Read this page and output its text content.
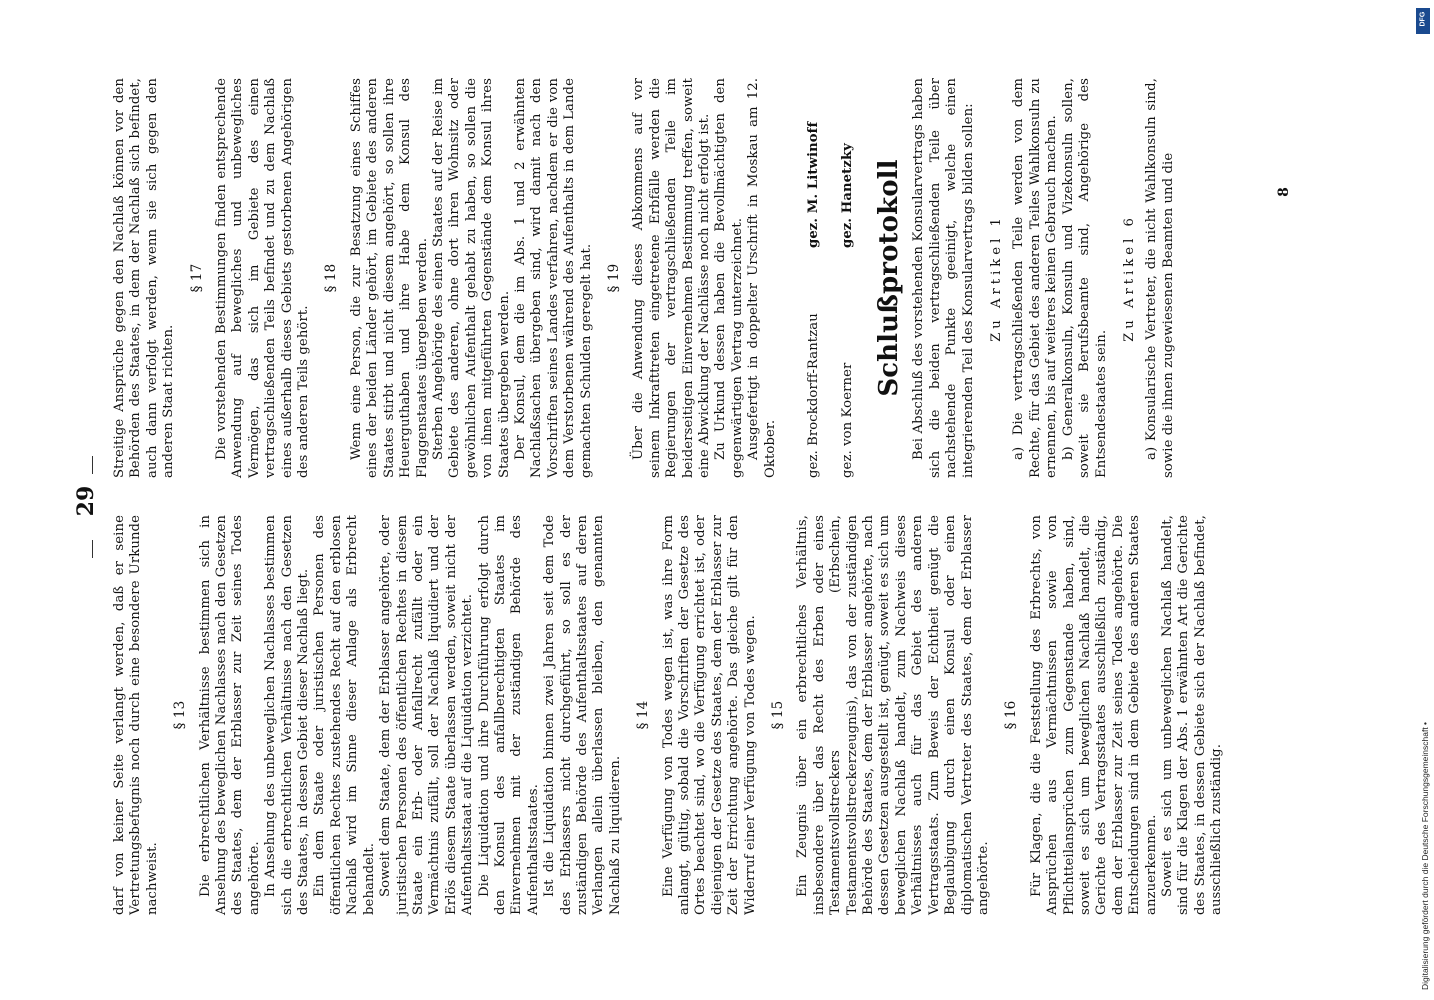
darf von keiner Seite verlangt werden, daß er seine Vertretungsbefugnis noch durch eine besondere Urkunde nachweist.

§ 13 Die erbrechtlichen Verhältnisse bestimmen sich in Ansehung des beweglichen Nachlasses nach den Gesetzen des Staates, dem der Erblasser zur Zeit seines Todes angehörte. In Ansehung des unbeweglichen Nachlasses bestimmen sich die erbrechtlichen Verhältnisse nach den Gesetzen des Staates, in dessen Gebiet dieser Nachlaß liegt. Ein dem Staate oder juristischen Personen des öffentlichen Rechtes zustehendes Recht auf den erblosen Nachlaß wird im Sinne dieser Anlage als Erbrecht behandelt. Soweit dem Staate, dem der Erblasser angehörte, oder juristischen Personen des öffentlichen Rechtes in diesem Staate ein Erb- oder Anfallrecht zufällt oder ein Vermächtnis zufällt, soll der Nachlaß liquidiert und der Erlös diesem Staate überlassen werden, soweit nicht der Aufenthaltsstaat auf die Liquidation verzichtet. Die Liquidation und ihre Durchführung erfolgt durch den Konsul des anfallberechtigten Staates im Einvernehmen mit der zuständigen Behörde des Aufenthaltsstaates. Ist die Liquidation binnen zwei Jahren seit dem Tode des Erblassers nicht durchgeführt, so soll es der zuständigen Behörde des Aufenthaltsstaates auf deren Verlangen allein überlassen bleiben, den genannten Nachlaß zu liquidieren.

§ 14 Eine Verfügung von Todes wegen ist, was ihre Form anlangt, gültig, sobald die Vorschriften der Gesetze des Ortes beachtet sind, wo die Verfügung errichtet ist, oder diejenigen der Gesetze des Staates, dem der Erblasser zur Zeit der Errichtung angehörte. Das gleiche gilt für den Widerruf einer Verfügung von Todes wegen. § 15 Ein Zeugnis über ein erbrechtliches Verhältnis, insbesondere über das Recht des Erben oder eines Testamentsvollstreckers (Erbschein, Testamentsvollstreckerzeugnis), das von der zuständigen Behörde des Staates, dem der Erblasser angehörte, nach dessen Gesetzen ausgestellt ist, genügt, soweit es sich um beweglichen Nachlaß handelt, zum Nachweis dieses Verhältnisses auch für das Gebiet des anderen Vertragsstaats. Zum Beweis der Echtheit genügt die Beglaubigung durch einen Konsul oder einen diplomatischen Vertreter des Staates, dem der Erblasser angehörte.

§ 16 Für Klagen, die die Feststellung des Erbrechts, von Ansprüchen aus Vermächtnissen sowie von Pflichtteilansprüchen zum Gegenstande haben, sind, soweit es sich um beweglichen Nachlaß handelt, die Gerichte des Vertragsstaates ausschließlich zuständig, dem der Erblasser zur Zeit seines Todes angehörte. Die Entscheidungen sind in dem Gebiete des anderen Staates anzuerkennen. Soweit es sich um unbeweglichen Nachlaß handelt, sind für die Klagen der Abs. 1 erwähnten Art die Gerichte des Staates, in dessen Gebiete sich der Nachlaß befindet, ausschließlich zuständig.

29

Streitige Ansprüche gegen den Nachlaß können vor den Behörden des Staates, in dem der Nachlaß sich befindet, auch dann verfolgt werden, wenn sie sich gegen den anderen Staat richten.

§ 17 Die vorstehenden Bestimmungen finden entsprechende Anwendung auf bewegliches und unbewegliches Vermögen, das sich im Gebiete des einen vertragschließenden Teils befindet und zu dem Nachlaß eines außerhalb dieses Gebiets gestorbenen Angehörigen des anderen Teils gehört.

§ 18 Wenn eine Person, die zur Besatzung eines Schiffes eines der beiden Länder gehört, im Gebiete des anderen Staates stirbt und nicht diesem angehört, so sollen ihre Heuerguthaben und ihre Habe dem Konsul des Flaggenstaates übergeben werden. Sterben Angehörige des einen Staates auf der Reise im Gebiete des anderen, ohne dort ihren Wohnsitz oder gewöhnlichen Aufenthalt gehabt zu haben, so sollen die von ihnen mitgeführten Gegenstände dem Konsul ihres Staates übergeben werden. Der Konsul, dem die im Abs. 1 und 2 erwähnten Nachlaßsachen übergeben sind, wird damit nach den Vorschriften seines Landes verfahren, nachdem er die von dem Verstorbenen während des Aufenthalts in dem Lande gemachten Schulden geregelt hat. § 19 Über die Anwendung dieses Abkommens auf vor seinem Inkrafttreten eingetretene Erbfälle werden die Regierungen der vertragschließenden Teile im beiderseitigen Einvernehmen Bestimmung treffen, soweit eine Abwicklung der Nachlässe noch nicht erfolgt ist. Zu Urkund dessen haben die Bevollmächtigten den gegenwärtigen Vertrag unterzeichnet. Ausgefertigt in doppelter Urschrift in Moskau am 12. Oktober. gez. Brockdorff-Rantzau
gez. M. Litwinoff
gez. von Koerner
gez. Hanetzky Schlußprotokoll Bei Abschluß des vorstehenden Konsularvertrags haben sich die beiden vertragschließenden Teile über nachstehende Punkte geeinigt, welche einen integrierenden Teil des Konsularvertrags bilden sollen: Zu Artikel 1 a) Die vertragschließenden Teile werden von dem Rechte, für das Gebiet des anderen Teiles Wahlkonsuln zu ernennen, bis auf weiteres keinen Gebrauch machen. b) Generalkonsuln, Konsuln und Vizekonsuln sollen, soweit sie Berufsbeamte sind, Angehörige des Entsendestaates sein.

Zu Artikel 6 a) Konsularische Vertreter, die nicht Wahlkonsuln sind, sowie die ihnen zugewiesenen Beamten und die	8
Digitalisierung gefördert durch die Deutsche Forschungsgemeinschaft •
DFG
